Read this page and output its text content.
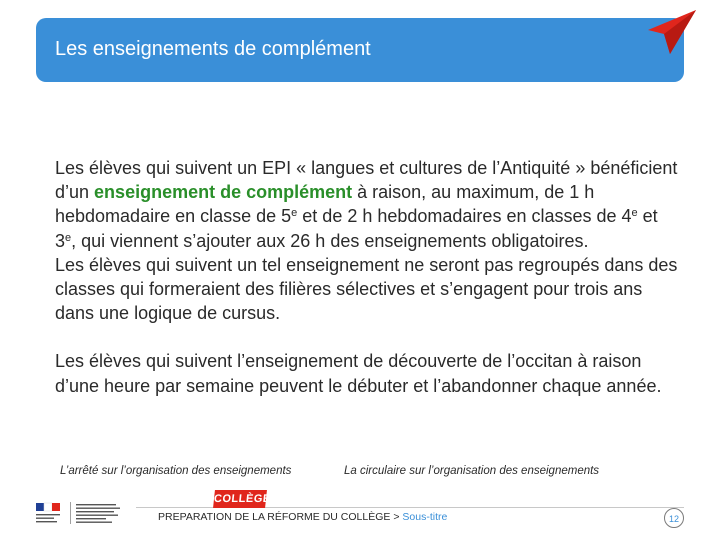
Les enseignements de complément

Les élèves qui suivent un EPI « langues et cultures de l’Antiquité » bénéficient d’un enseignement de complément à raison, au maximum, de 1 h hebdomadaire en classe de 5e et de 2 h hebdomadaires en classes de 4e et 3e, qui viennent s’ajouter aux 26 h des enseignements obligatoires.

Les élèves qui suivent un tel enseignement ne seront pas regroupés dans des classes qui formeraient des filières sélectives et s’engagent pour trois ans dans une logique de cursus.

Les élèves qui suivent l’enseignement de découverte de l’occitan à raison d’une heure par semaine peuvent le débuter et l’abandonner chaque année.

L’arrêté sur l’organisation des enseignements	La circulaire sur l’organisation des enseignements
COLLÈGE
PREPARATION DE LA RÉFORME DU COLLÈGE > Sous-titre	12
